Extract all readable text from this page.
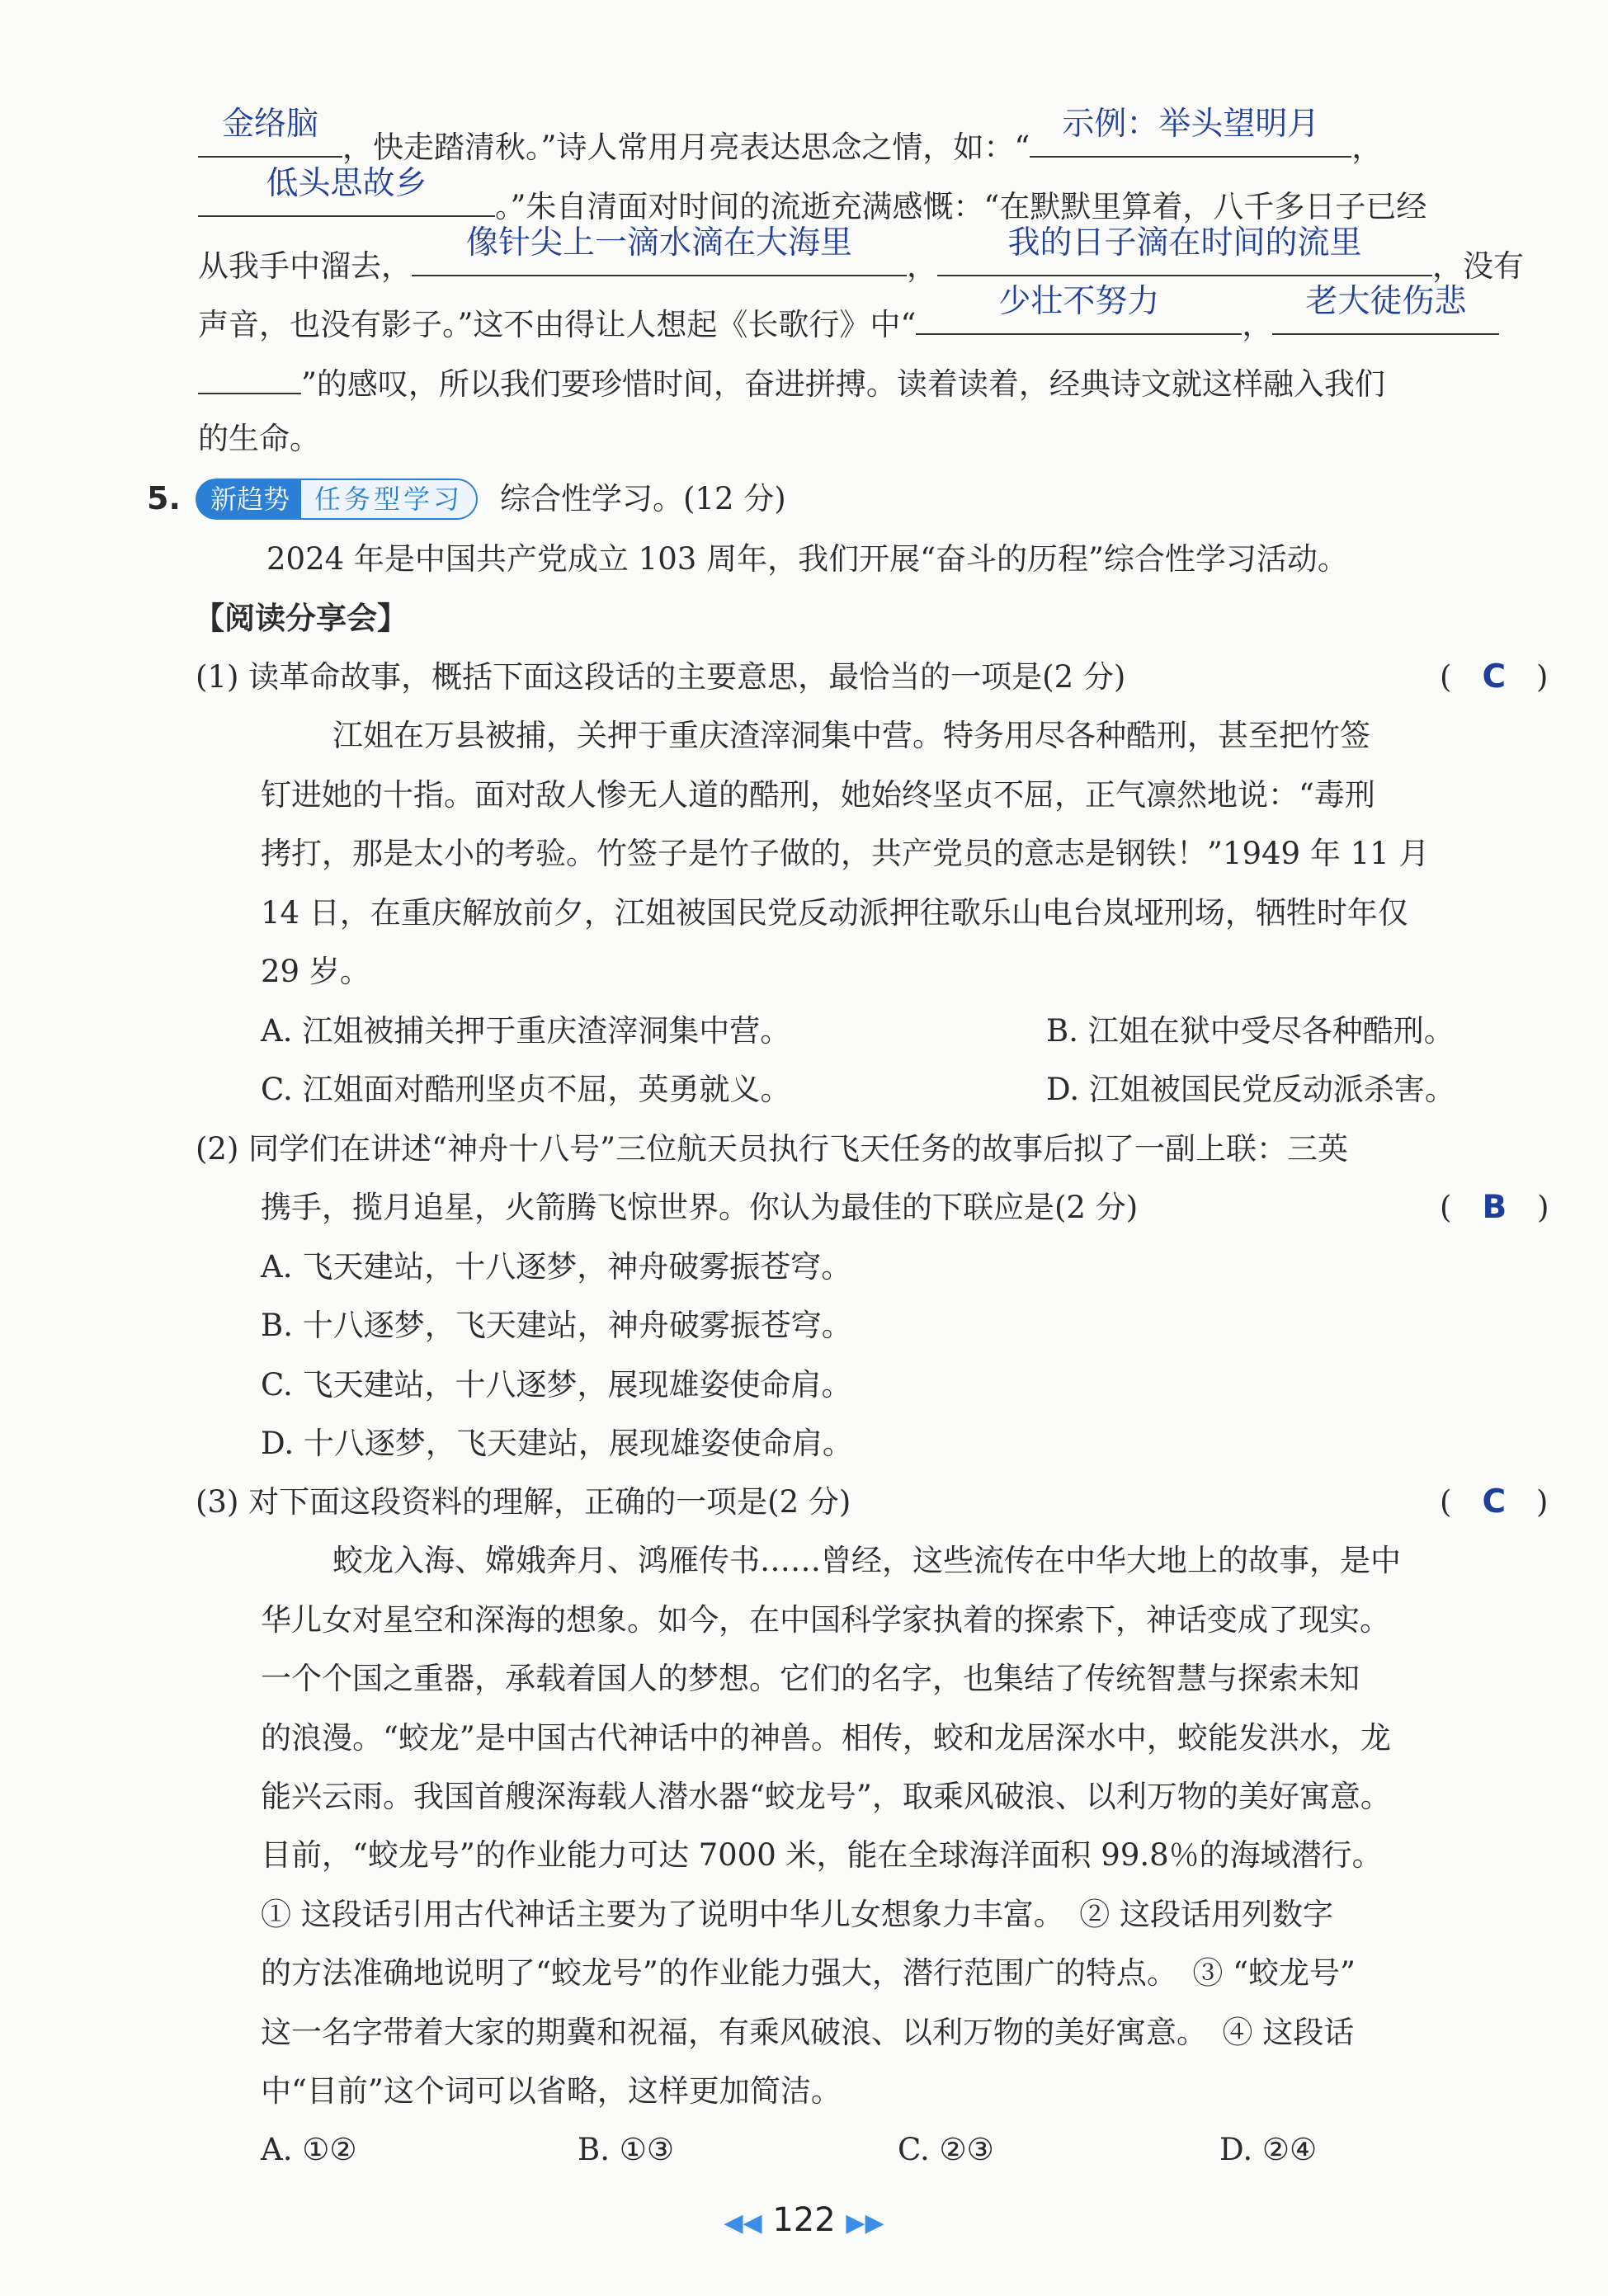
金络脑
，快走踏清秋。”诗人常用月亮表达思念之情，如：“
示例：举头望明月
，
低头思故乡
。”朱自清面对时间的流逝充满感慨：“在默默里算着，八千多日子已经
从我手中溜去，
像针尖上一滴水滴在大海里
，
我的日子滴在时间的流里
，没有
声音，也没有影子。”这不由得让人想起《长歌行》中“
少壮不努力
，
老大徒伤悲
”的感叹，所以我们要珍惜时间，奋进拼搏。读着读着，经典诗文就这样融入我们
的生命。
5.	新趋势 任务型学习	综合性学习。(12 分)
2024 年是中国共产党成立 103 周年，我们开展“奋斗的历程”综合性学习活动。
【阅读分享会】
(1) 读革命故事，概括下面这段话的主要意思，最恰当的一项是(2 分)	(　C　)
江姐在万县被捕，关押于重庆渣滓洞集中营。特务用尽各种酷刑，甚至把竹签
钉进她的十指。面对敌人惨无人道的酷刑，她始终坚贞不屈，正气凛然地说：“毒刑
拷打，那是太小的考验。竹签子是竹子做的，共产党员的意志是钢铁！”1949 年 11 月
14 日，在重庆解放前夕，江姐被国民党反动派押往歌乐山电台岚垭刑场，牺牲时年仅
29 岁。
A. 江姐被捕关押于重庆渣滓洞集中营。	B. 江姐在狱中受尽各种酷刑。
C. 江姐面对酷刑坚贞不屈，英勇就义。	D. 江姐被国民党反动派杀害。
(2) 同学们在讲述“神舟十八号”三位航天员执行飞天任务的故事后拟了一副上联：三英
携手，揽月追星，火箭腾飞惊世界。你认为最佳的下联应是(2 分)	(　B　)
A. 飞天建站，十八逐梦，神舟破雾振苍穹。
B. 十八逐梦，飞天建站，神舟破雾振苍穹。
C. 飞天建站，十八逐梦，展现雄姿使命肩。
D. 十八逐梦，飞天建站，展现雄姿使命肩。
(3) 对下面这段资料的理解，正确的一项是(2 分)	(　C　)
蛟龙入海、嫦娥奔月、鸿雁传书……曾经，这些流传在中华大地上的故事，是中
华儿女对星空和深海的想象。如今，在中国科学家执着的探索下，神话变成了现实。
一个个国之重器，承载着国人的梦想。它们的名字，也集结了传统智慧与探索未知
的浪漫。“蛟龙”是中国古代神话中的神兽。相传，蛟和龙居深水中，蛟能发洪水，龙
能兴云雨。我国首艘深海载人潜水器“蛟龙号”，取乘风破浪、以利万物的美好寓意。
目前，“蛟龙号”的作业能力可达 7000 米，能在全球海洋面积 99.8％的海域潜行。
① 这段话引用古代神话主要为了说明中华儿女想象力丰富。　② 这段话用列数字
的方法准确地说明了“蛟龙号”的作业能力强大，潜行范围广的特点。　③ “蛟龙号”
这一名字带着大家的期冀和祝福，有乘风破浪、以利万物的美好寓意。　④ 这段话
中“目前”这个词可以省略，这样更加简洁。
A. ①②	B. ①③	C. ②③	D. ②④
◀◀ 122 ▶▶
